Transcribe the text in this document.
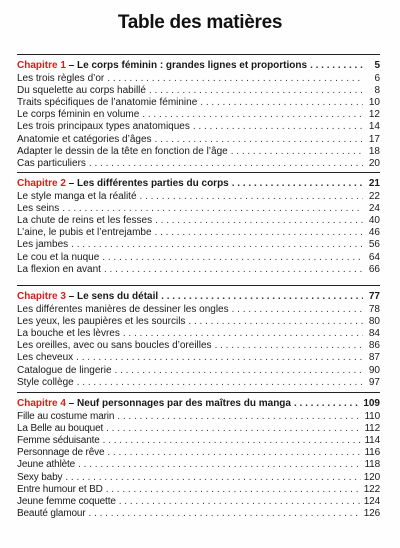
Table des matières
Chapitre 1 – Le corps féminin : grandes lignes et proportions . . .	5
Les trois règles d’or . . .	6
Du squelette au corps habillé . . .	8
Traits spécifiques de l’anatomie féminine . . .	10
Le corps féminin en volume . . .	12
Les trois principaux types anatomiques . . .	14
Anatomie et catégories d’âges . . .	17
Adapter le dessin de la tête en fonction de l’âge . . .	18
Cas particuliers . . .	20
Chapitre 2 – Les différentes parties du corps . . .	21
Le style manga et la réalité . . .	22
Les seins . . .	24
La chute de reins et les fesses . . .	40
L’aine, le pubis et l’entrejambe . . .	46
Les jambes . . .	56
Le cou et la nuque . . .	64
La flexion en avant . . .	66
Chapitre 3 – Le sens du détail . . .	77
Les différentes manières de dessiner les ongles . . .	78
Les yeux, les paupières et les sourcils . . .	80
La bouche et les lèvres . . .	84
Les oreilles, avec ou sans boucles d’oreilles . . .	86
Les cheveux . . .	87
Catalogue de lingerie . . .	90
Style collège . . .	97
Chapitre 4 – Neuf personnages par des maîtres du manga . . .	109
Fille au costume marin . . .	110
La Belle au bouquet . . .	112
Femme séduisante . . .	114
Personnage de rêve . . .	116
Jeune athlète . . .	118
Sexy baby . . .	120
Entre humour et BD . . .	122
Jeune femme coquette . . .	124
Beauté glamour . . .	126
